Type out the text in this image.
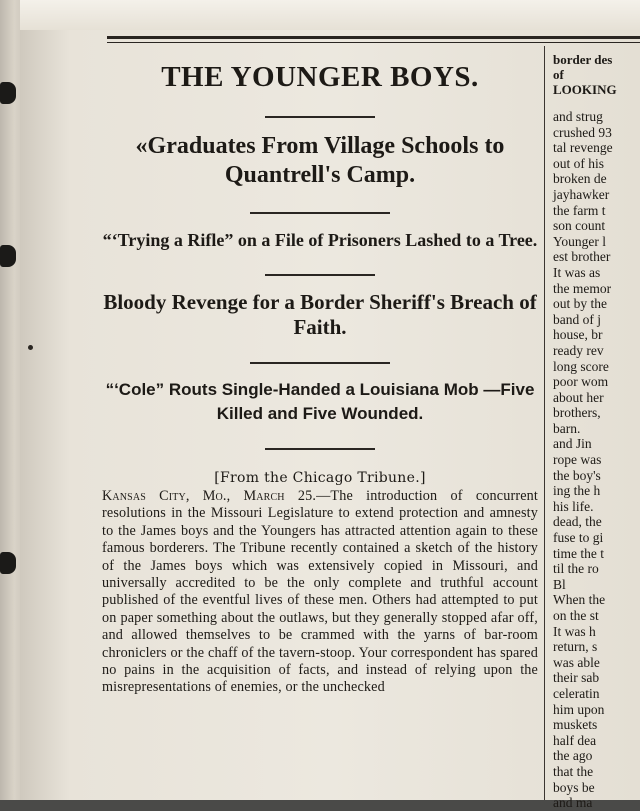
THE YOUNGER BOYS.
«Graduates From Village Schools to Quantrell's Camp.
“‘Trying a Rifle” on a File of Prisoners Lashed to a Tree.
Bloody Revenge for a Border Sheriff's Breach of Faith.
“‘Cole” Routs Single-Handed a Louisiana Mob —Five Killed and Five Wounded.
[From the Chicago Tribune.]
Kansas City, Mo., March 25.—The introduction of concurrent resolutions in the Missouri Legislature to extend protection and amnesty to the James boys and the Youngers has attracted attention again to these famous borderers. The Tribune recently contained a sketch of the history of the James boys which was extensively copied in Missouri, and universally accredited to be the only complete and truthful account published of the eventful lives of these men. Others had attempted to put on paper something about the outlaws, but they generally stopped afar off, and allowed themselves to be crammed with the yarns of bar-room chroniclers or the chaff of the tavern-stoop. Your correspondent has spared no pains in the acquisition of facts, and instead of relying upon the misrepresentations of enemies, or the unchecked
border des
of
LOOKING
and strug
crushed 93
tal revenge
out of his
broken de
jayhawker
the farm t
son count
Younger l
est brother
It was as
the memor
out by the
band of j
house, br
ready rev
long score
poor wom
about her
brothers,
barn.
and Jin
rope was
the boy's
ing the h
his life.
dead, the
fuse to gi
time the t
til the ro
Bl
When the
on the st
It was h
return, s
was able
their sab
celeratin
him upon
muskets
half dea
the ago
that the
boys be
and ma
